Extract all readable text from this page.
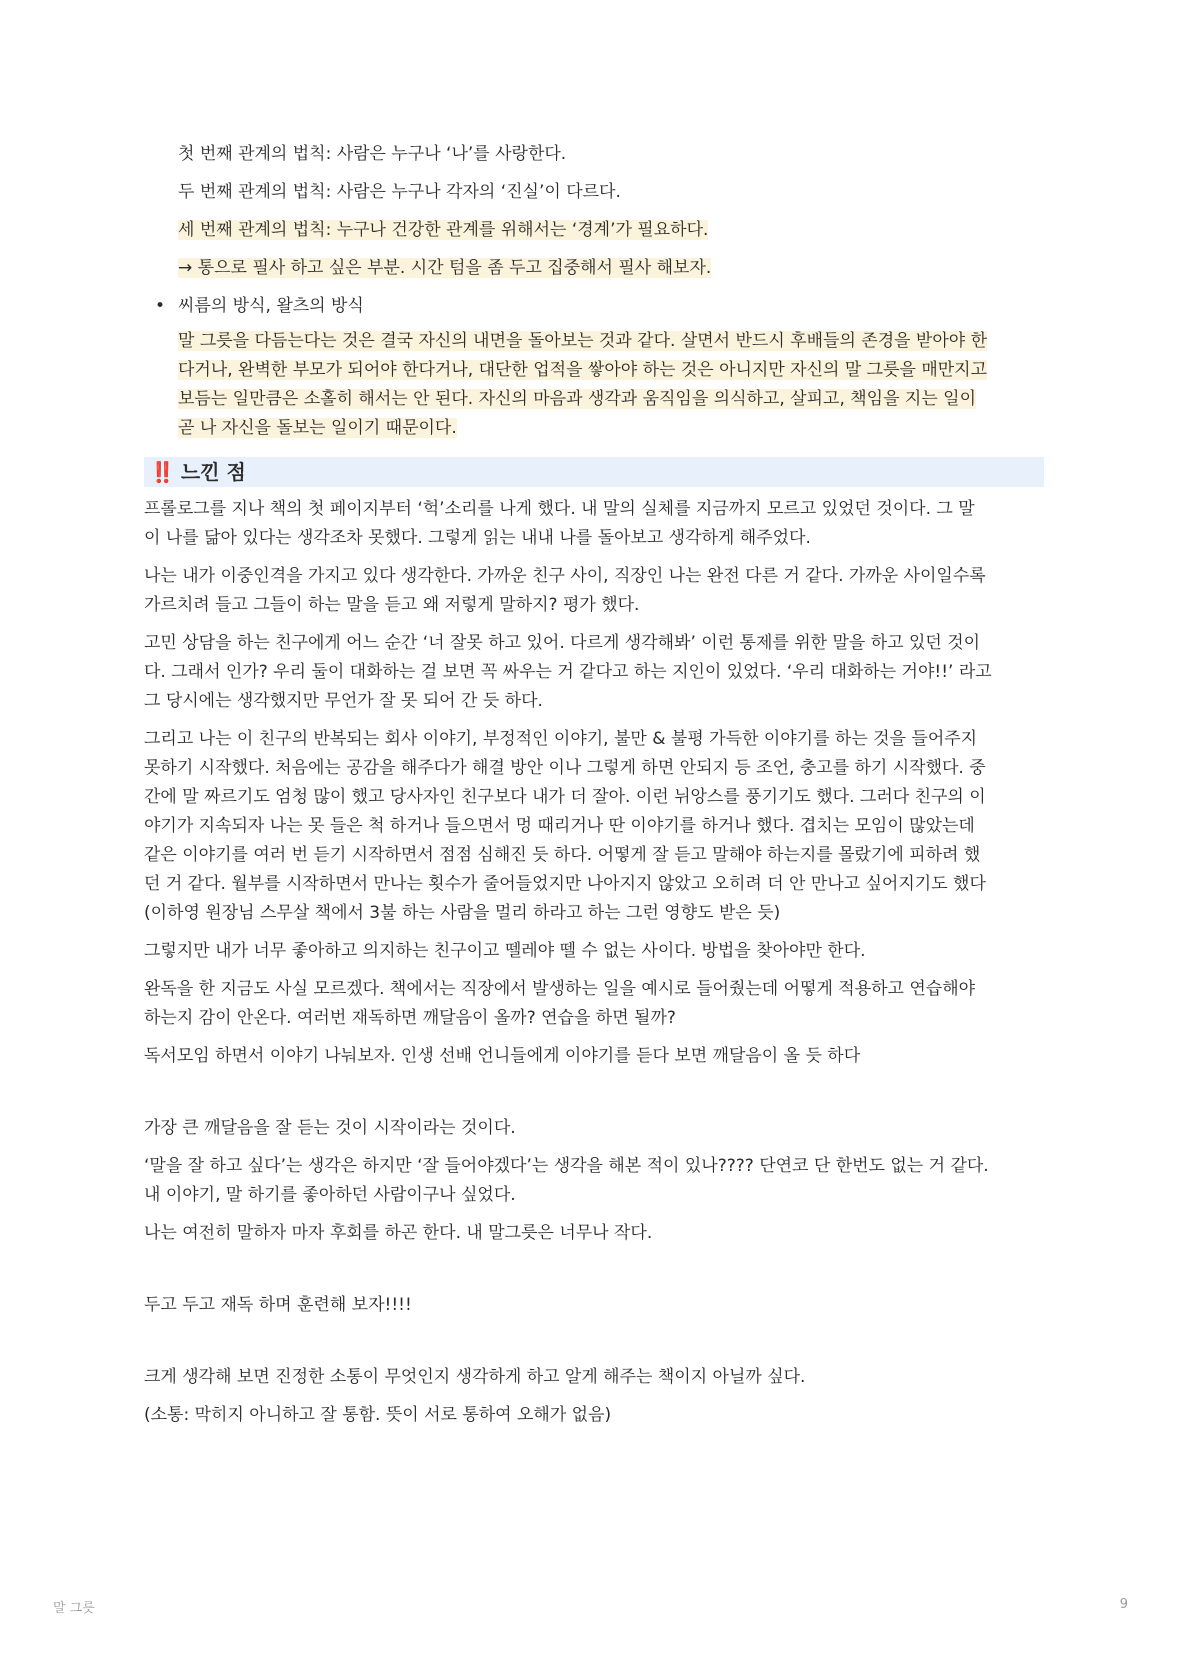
첫 번째 관계의 법칙: 사람은 누구나 ‘나’를 사랑한다.

두 번째 관계의 법칙: 사람은 누구나 각자의 ‘진실’이 다르다.

세 번째 관계의 법칙: 누구나 건강한 관계를 위해서는 ‘경계’가 필요하다.

→ 통으로 필사 하고 싶은 부분. 시간 텀을 좀 두고 집중해서 필사 해보자.

• 씨름의 방식, 왈츠의 방식

말 그릇을 다듬는다는 것은 결국 자신의 내면을 돌아보는 것과 같다. 살면서 반드시 후배들의 존경을 받아야 한

다거나, 완벽한 부모가 되어야 한다거나, 대단한 업적을 쌓아야 하는 것은 아니지만 자신의 말 그릇을 매만지고

보듬는 일만큼은 소홀히 해서는 안 된다. 자신의 마음과 생각과 움직임을 의식하고, 살피고, 책임을 지는 일이

곧 나 자신을 돌보는 일이기 때문이다.

‼️ 느낀 점

프롤로그를 지나 책의 첫 페이지부터 ‘헉’소리를 나게 했다. 내 말의 실체를 지금까지 모르고 있었던 것이다. 그 말

이 나를 닮아 있다는 생각조차 못했다. 그렇게 읽는 내내 나를 돌아보고 생각하게 해주었다.

나는 내가 이중인격을 가지고 있다 생각한다. 가까운 친구 사이, 직장인 나는 완전 다른 거 같다. 가까운 사이일수록

가르치려 들고 그들이 하는 말을 듣고 왜 저렇게 말하지? 평가 했다.

고민 상담을 하는 친구에게 어느 순간 ‘너 잘못 하고 있어. 다르게 생각해봐’ 이런 통제를 위한 말을 하고 있던 것이

다. 그래서 인가? 우리 둘이 대화하는 걸 보면 꼭 싸우는 거 같다고 하는 지인이 있었다. ‘우리 대화하는 거야!!’ 라고

그 당시에는 생각했지만 무언가 잘 못 되어 간 듯 하다.

그리고 나는 이 친구의 반복되는 회사 이야기, 부정적인 이야기, 불만 & 불평 가득한 이야기를 하는 것을 들어주지

못하기 시작했다. 처음에는 공감을 해주다가 해결 방안 이나 그렇게 하면 안되지 등 조언, 충고를 하기 시작했다. 중

간에 말 짜르기도 엄청 많이 했고 당사자인 친구보다 내가 더 잘아. 이런 뉘앙스를 풍기기도 했다. 그러다 친구의 이

야기가 지속되자 나는 못 들은 척 하거나 들으면서 멍 때리거나 딴 이야기를 하거나 했다. 겹치는 모임이 많았는데

같은 이야기를 여러 번 듣기 시작하면서 점점 심해진 듯 하다. 어떻게 잘 듣고 말해야 하는지를 몰랐기에 피하려 했

던 거 같다. 월부를 시작하면서 만나는 횟수가 줄어들었지만 나아지지 않았고 오히려 더 안 만나고 싶어지기도 했다

(이하영 원장님 스무살 책에서 3불 하는 사람을 멀리 하라고 하는 그런 영향도 받은 듯)

그렇지만 내가 너무 좋아하고 의지하는 친구이고 뗄레야 뗄 수 없는 사이다. 방법을 찾아야만 한다.

완독을 한 지금도 사실 모르겠다. 책에서는 직장에서 발생하는 일을 예시로 들어줬는데 어떻게 적용하고 연습해야

하는지 감이 안온다. 여러번 재독하면 깨달음이 올까? 연습을 하면 될까?

독서모임 하면서 이야기 나눠보자. 인생 선배 언니들에게 이야기를 듣다 보면 깨달음이 올 듯 하다

가장 큰 깨달음을 잘 듣는 것이 시작이라는 것이다.

‘말을 잘 하고 싶다’는 생각은 하지만 ‘잘 들어야겠다’는 생각을 해본 적이 있나???? 단연코 단 한번도 없는 거 같다.

내 이야기, 말 하기를 좋아하던 사람이구나 싶었다.

나는 여전히 말하자 마자 후회를 하곤 한다. 내 말그릇은 너무나 작다.

두고 두고 재독 하며 훈련해 보자!!!!

크게 생각해 보면 진정한 소통이 무엇인지 생각하게 하고 알게 해주는 책이지 아닐까 싶다.

(소통: 막히지 아니하고 잘 통함. 뜻이 서로 통하여 오해가 없음)

말 그릇	9
